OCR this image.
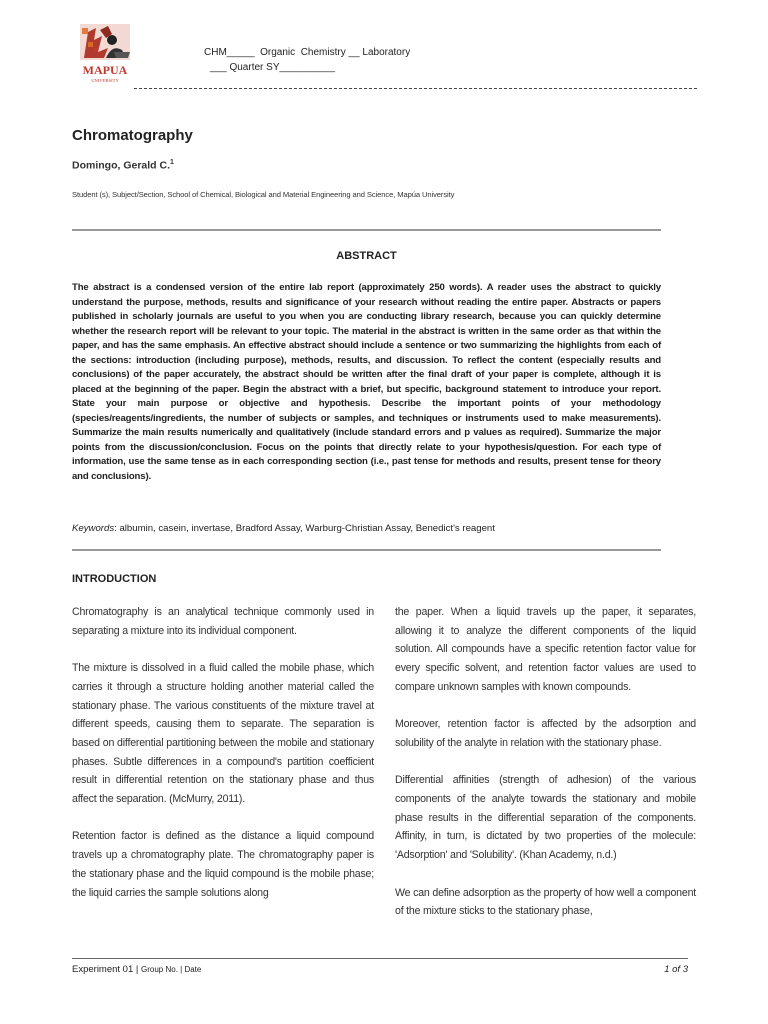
MAPUA
UNIVERSITY
CHM_____  Organic  Chemistry __ Laboratory
___ Quarter SY__________
Chromatography
Domingo, Gerald C.$^1$
Student (s), Subject/Section, School of Chemical, Biological and Material Engineering and Science, Mapúa University
ABSTRACT
The abstract is a condensed version of the entire lab report (approximately 250 words). A reader uses the abstract to quickly understand the purpose, methods, results and significance of your research without reading the entire paper. Abstracts or papers published in scholarly journals are useful to you when you are conducting library research, because you can quickly determine whether the research report will be relevant to your topic. The material in the abstract is written in the same order as that within the paper, and has the same emphasis. An effective abstract should include a sentence or two summarizing the highlights from each of the sections: introduction (including purpose), methods, results, and discussion. To reflect the content (especially results and conclusions) of the paper accurately, the abstract should be written after the final draft of your paper is complete, although it is placed at the beginning of the paper. Begin the abstract with a brief, but specific, background statement to introduce your report. State your main purpose or objective and hypothesis. Describe the important points of your methodology (species/reagents/ingredients, the number of subjects or samples, and techniques or instruments used to make measurements). Summarize the main results numerically and qualitatively (include standard errors and p values as required). Summarize the major points from the discussion/conclusion. Focus on the points that directly relate to your hypothesis/question. For each type of information, use the same tense as in each corresponding section (i.e., past tense for methods and results, present tense for theory and conclusions).
Keywords: albumin, casein, invertase, Bradford Assay, Warburg-Christian Assay, Benedict's reagent
INTRODUCTION

Chromatography is an analytical technique commonly used in separating a mixture into its individual component.

The mixture is dissolved in a fluid called the mobile phase, which carries it through a structure holding another material called the stationary phase. The various constituents of the mixture travel at different speeds, causing them to separate. The separation is based on differential partitioning between the mobile and stationary phases. Subtle differences in a compound's partition coefficient result in differential retention on the stationary phase and thus affect the separation. (McMurry, 2011).

Retention factor is defined as the distance a liquid compound travels up a chromatography plate. The chromatography paper is the stationary phase and the liquid compound is the mobile phase; the liquid carries the sample solutions along

the paper. When a liquid travels up the paper, it separates, allowing it to analyze the different components of the liquid solution. All compounds have a specific retention factor value for every specific solvent, and retention factor values are used to compare unknown samples with known compounds.

Moreover, retention factor is affected by the adsorption and solubility of the analyte in relation with the stationary phase.

Differential affinities (strength of adhesion) of the various components of the analyte towards the stationary and mobile phase results in the differential separation of the components. Affinity, in turn, is dictated by two properties of the molecule: 'Adsorption' and 'Solubility'. (Khan Academy, n.d.)

We can define adsorption as the property of how well a component of the mixture sticks to the stationary phase,

Experiment 01 | Group No. | Date	1 of 3
